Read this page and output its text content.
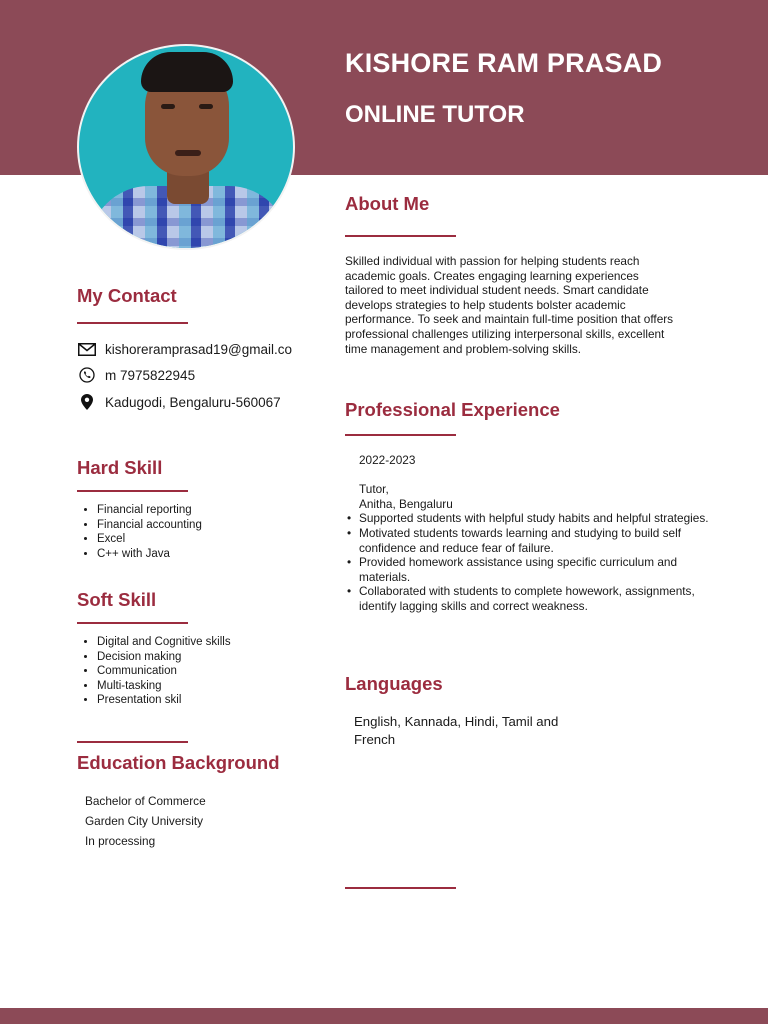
KISHORE RAM PRASAD
ONLINE TUTOR
About Me
Skilled individual with passion for helping students reach
academic goals. Creates engaging learning experiences
tailored to meet individual student needs. Smart candidate
develops strategies to help students bolster academic
performance. To seek and maintain full-time position that offers
professional challenges utilizing interpersonal skills, excellent
time management and problem-solving skills.
My Contact
kishoreramprasad19@gmail.co
m 7975822945
Kadugodi, Bengaluru-560067
Hard Skill
• Financial reporting
• Financial accounting
• Excel
• C++ with Java
Soft Skill
• Digital and Cognitive skills
• Decision making
• Communication
• Multi-tasking
• Presentation skil
Professional Experience
2022-2023

Tutor,
Anitha, Bengaluru
• Supported students with helpful study habits and helpful strategies.
• Motivated students towards learning and studying to build self confidence and reduce fear of failure.
• Provided homework assistance using specific curriculum and materials.
• Collaborated with students to complete howework, assignments, identify lagging skills and correct weakness.
Languages
English, Kannada, Hindi, Tamil and
French
Education Background
Bachelor of Commerce
Garden City University
In processing
